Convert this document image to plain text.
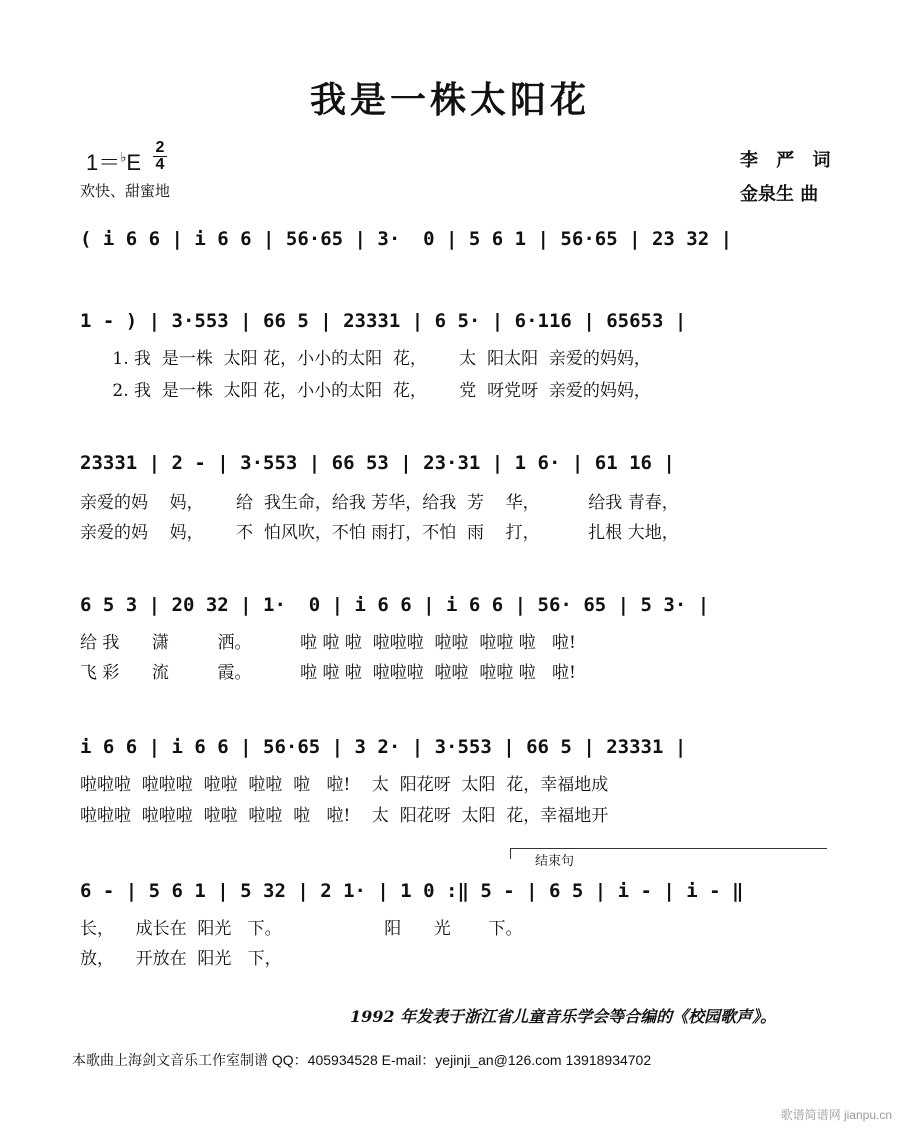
我是一株太阳花
1＝♭E
2
4
欢快、甜蜜地
李 严 词
金泉生 曲
( i 6 6 | i 6 6 | 56·65 | 3·  0 | 5 6 1 | 56·65 | 23 32 |
1 - ) | 3·553 | 66 5 | 23331 | 6 5· | 6·116 | 65653 |
1. 我  是一株  太阳 花，小小的太阳  花，      太  阳太阳  亲爱的妈妈，
2. 我  是一株  太阳 花，小小的太阳  花，      党  呀党呀  亲爱的妈妈，
23331 | 2 - | 3·553 | 66 53 | 23·31 | 1 6· | 61 16 |
亲爱的妈    妈，      给  我生命，给我 芳华，给我  芳    华，         给我 青春，
亲爱的妈    妈，      不  怕风吹，不怕 雨打，不怕  雨    打，         扎根 大地，
6 5 3 | 20 32 | 1·  0 | i 6 6 | i 6 6 | 56· 65 | 5 3· |
给 我      潇         洒。         啦 啦 啦  啦啦啦  啦啦  啦啦 啦   啦!
飞 彩      流         霞。         啦 啦 啦  啦啦啦  啦啦  啦啦 啦   啦!
i 6 6 | i 6 6 | 56·65 | 3 2· | 3·553 | 66 5 | 23331 |
啦啦啦  啦啦啦  啦啦  啦啦  啦   啦!    太  阳花呀  太阳  花，幸福地成
啦啦啦  啦啦啦  啦啦  啦啦  啦   啦!    太  阳花呀  太阳  花，幸福地开
结束句
6 - | 5 6 1 | 5 32 | 2 1· | 1 0 :‖ 5 - | 6 5 | i - | i - ‖
长，    成长在  阳光   下。                   阳      光       下。
放，    开放在  阳光   下，
1992 年发表于浙江省儿童音乐学会等合编的《校园歌声》。
本歌曲上海剑文音乐工作室制谱 QQ：405934528 E-mail：yejinji_an@126.com 13918934702
歌谱简谱网 jianpu.cn
